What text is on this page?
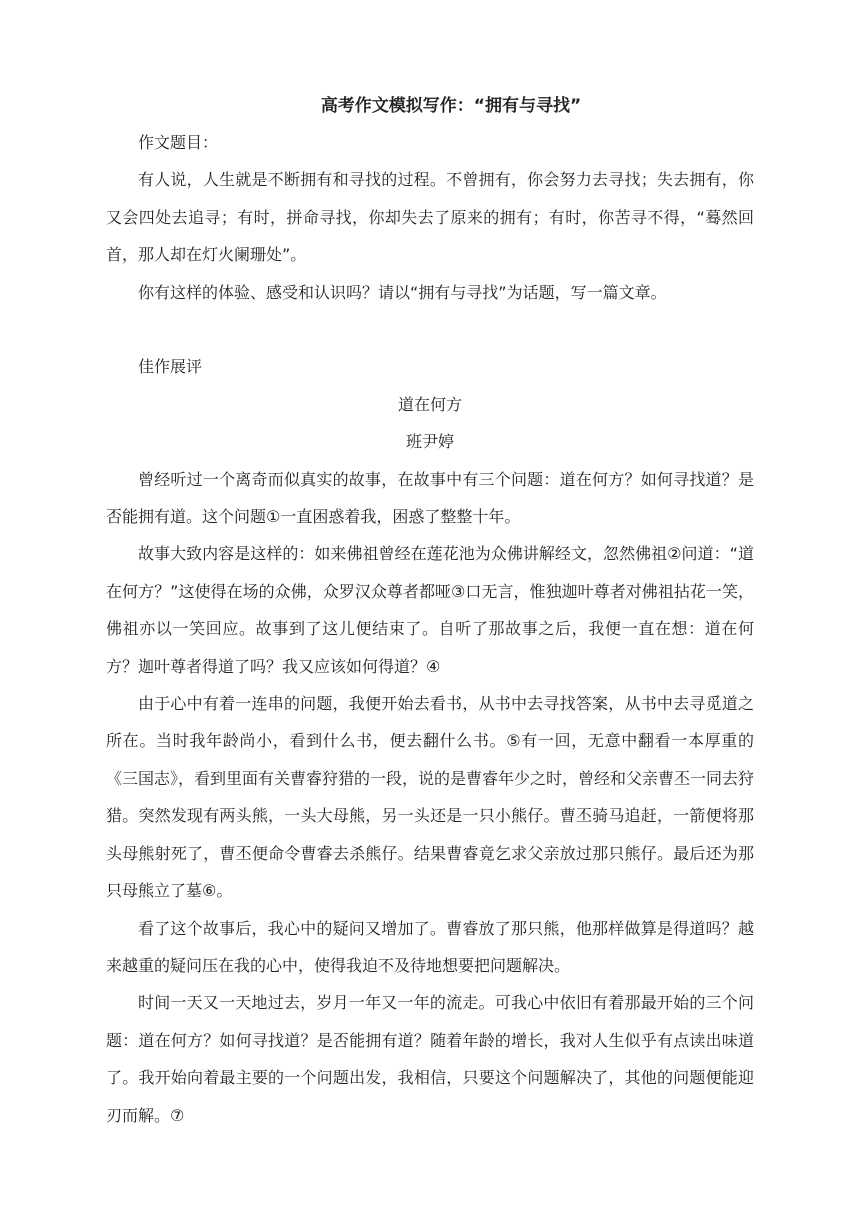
高考作文模拟写作：“拥有与寻找”

作文题目：

有人说，人生就是不断拥有和寻找的过程。不曾拥有，你会努力去寻找；失去拥有，你又会四处去追寻；有时，拼命寻找，你却失去了原来的拥有；有时，你苦寻不得，“蓦然回首，那人却在灯火阑珊处”。

你有这样的体验、感受和认识吗？请以“拥有与寻找”为话题，写一篇文章。

佳作展评

道在何方

班尹婷

曾经听过一个离奇而似真实的故事，在故事中有三个问题：道在何方？如何寻找道？是否能拥有道。这个问题①一直困惑着我，困惑了整整十年。

故事大致内容是这样的：如来佛祖曾经在莲花池为众佛讲解经文，忽然佛祖②问道：“道在何方？”这使得在场的众佛，众罗汉众尊者都哑③口无言，惟独迦叶尊者对佛祖拈花一笑，佛祖亦以一笑回应。故事到了这儿便结束了。自听了那故事之后，我便一直在想：道在何方？迦叶尊者得道了吗？我又应该如何得道？④

由于心中有着一连串的问题，我便开始去看书，从书中去寻找答案，从书中去寻觅道之所在。当时我年龄尚小，看到什么书，便去翻什么书。⑤有一回，无意中翻看一本厚重的《三国志》，看到里面有关曹睿狩猎的一段，说的是曹睿年少之时，曾经和父亲曹丕一同去狩猎。突然发现有两头熊，一头大母熊，另一头还是一只小熊仔。曹丕骑马追赶，一箭便将那头母熊射死了，曹丕便命令曹睿去杀熊仔。结果曹睿竟乞求父亲放过那只熊仔。最后还为那只母熊立了墓⑥。

看了这个故事后，我心中的疑问又增加了。曹睿放了那只熊，他那样做算是得道吗？越来越重的疑问压在我的心中，使得我迫不及待地想要把问题解决。

时间一天又一天地过去，岁月一年又一年的流走。可我心中依旧有着那最开始的三个问题：道在何方？如何寻找道？是否能拥有道？随着年龄的增长，我对人生似乎有点读出味道了。我开始向着最主要的一个问题出发，我相信，只要这个问题解决了，其他的问题便能迎刃而解。⑦
